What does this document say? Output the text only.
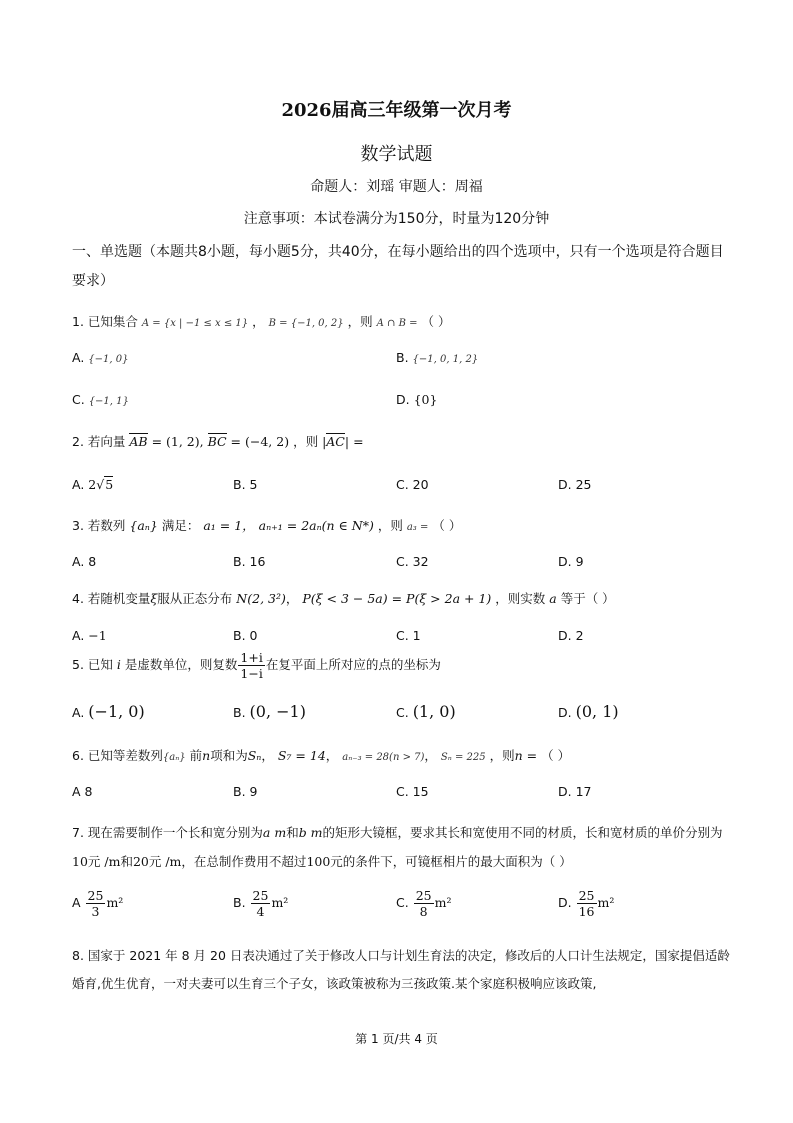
2026届高三年级第一次月考
数学试题
命题人：刘瑶 审题人：周福
注意事项：本试卷满分为150分，时量为120分钟
一、单选题（本题共8小题，每小题5分，共40分，在每小题给出的四个选项中，只有一个选项是符合题目要求）
1. 已知集合 A = {x | −1 ≤ x ≤ 1} ， B = {−1, 0, 2} ，则 A ∩ B = （ ）
A. {−1, 0}	B. {−1, 0, 1, 2}
C. {−1, 1}	D. {0}
2. 若向量 AB = (1, 2), BC = (−4, 2) ，则 |AC| =
A. 2√5	B. 5	C. 20	D. 25
3. 若数列 {aₙ} 满足： a₁ = 1， aₙ₊₁ = 2aₙ(n ∈ N*) ，则 a₃ = （ ）
A. 8	B. 16	C. 32	D. 9
4. 若随机变量ξ服从正态分布 N(2, 3²)， P(ξ < 3 − 5a) = P(ξ > 2a + 1) ，则实数 a 等于（ ）
A. −1	B. 0	C. 1	D. 2
5. 已知 i 是虚数单位，则复数 $\frac{1+i}{1-i}$ 在复平面上所对应的点的坐标为
A. (−1, 0)	B. (0, −1)	C. (1, 0)	D. (0, 1)
6. 已知等差数列{aₙ} 前n项和为Sₙ， S₇ = 14， aₙ₋₃ = 28(n > 7)， Sₙ = 225 ，则n = （ ）
A 8	B. 9	C. 15	D. 17
7. 现在需要制作一个长和宽分别为a m和b m的矩形大镜框，要求其长和宽使用不同的材质，长和宽材质的单价分别为10元 /m和20元 /m，在总制作费用不超过100元的条件下，可镜框相片的最大面积为（ ）
A $\frac{25}{3} m^2$	B. $\frac{25}{4} m^2$	C. $\frac{25}{8} m^2$	D. $\frac{25}{16} m^2$
8. 国家于 2021 年 8 月 20 日表决通过了关于修改人口与计划生育法的决定，修改后的人口计生法规定，国家提倡适龄婚育,优生优育，一对夫妻可以生育三个子女，该政策被称为三孩政策.某个家庭积极响应该政策,
第 1 页/共 4 页
